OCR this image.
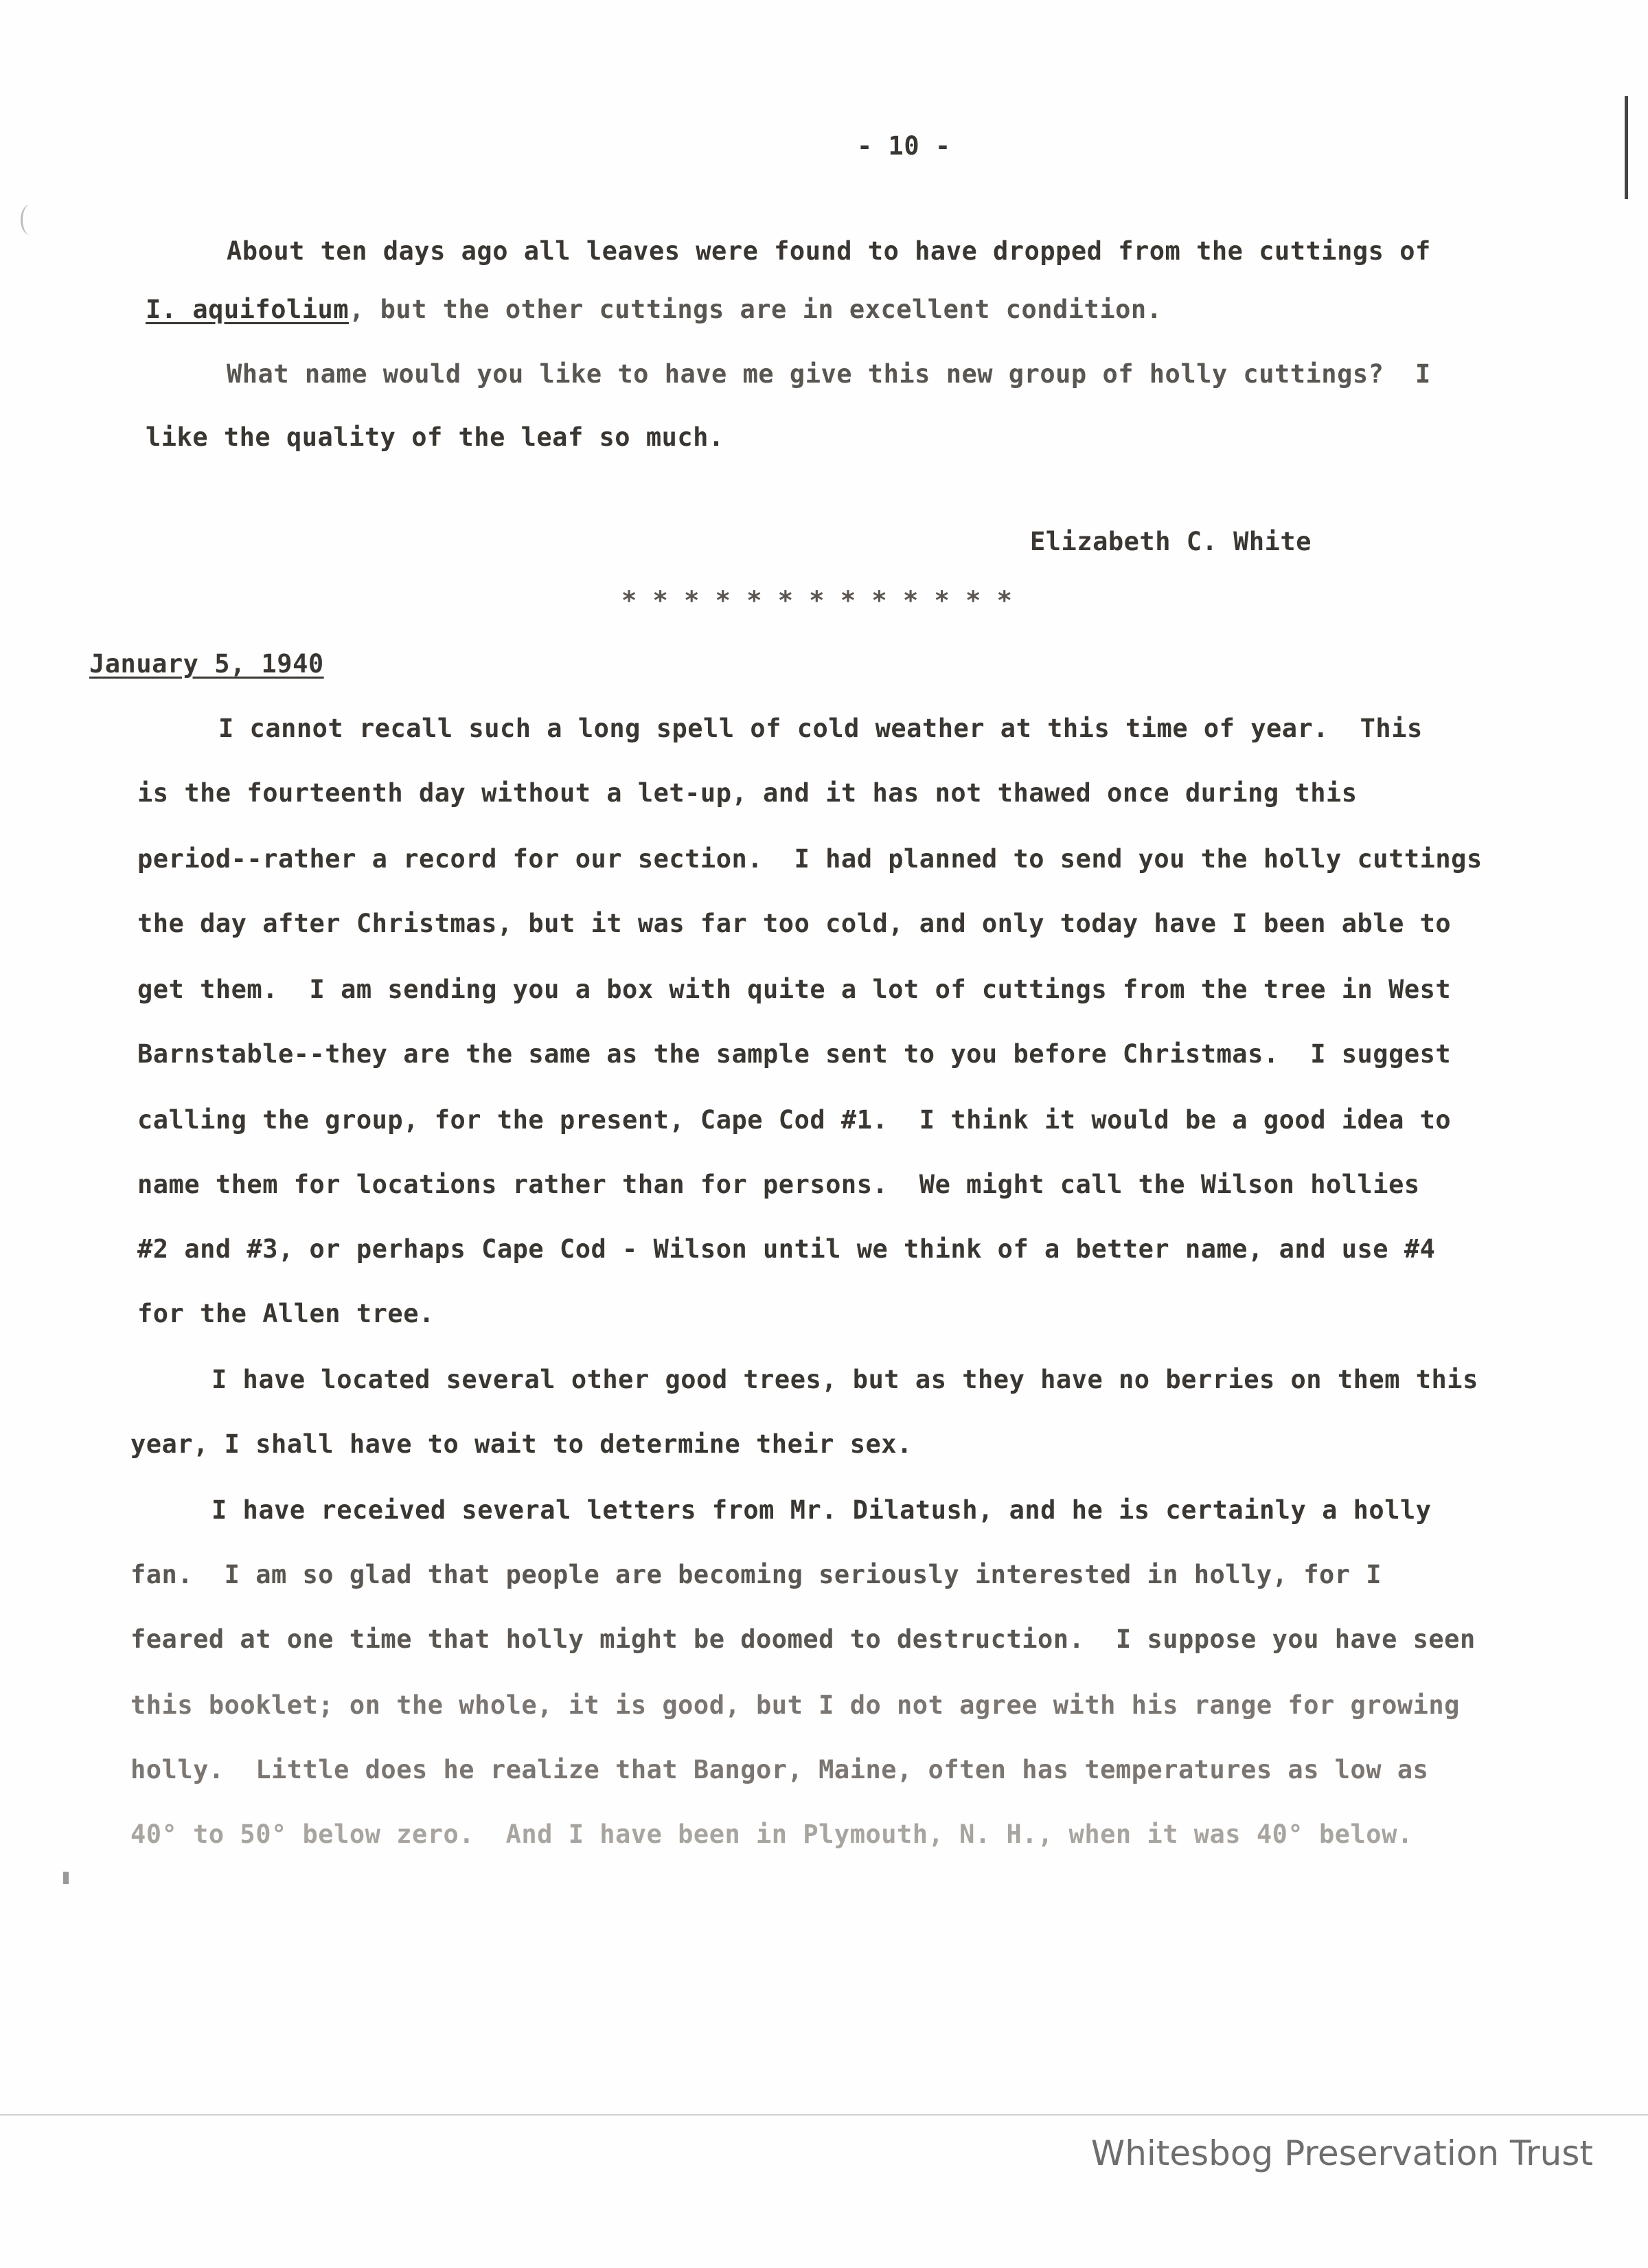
- 10 -
About ten days ago all leaves were found to have dropped from the cuttings of
I. aquifolium, but the other cuttings are in excellent condition.
What name would you like to have me give this new group of holly cuttings?  I
like the quality of the leaf so much.
Elizabeth C. White
* * * * * * * * * * * * *
January 5, 1940
I cannot recall such a long spell of cold weather at this time of year.  This
is the fourteenth day without a let-up, and it has not thawed once during this
period--rather a record for our section.  I had planned to send you the holly cuttings
the day after Christmas, but it was far too cold, and only today have I been able to
get them.  I am sending you a box with quite a lot of cuttings from the tree in West
Barnstable--they are the same as the sample sent to you before Christmas.  I suggest
calling the group, for the present, Cape Cod #1.  I think it would be a good idea to
name them for locations rather than for persons.  We might call the Wilson hollies
#2 and #3, or perhaps Cape Cod - Wilson until we think of a better name, and use #4
for the Allen tree.
I have located several other good trees, but as they have no berries on them this
year, I shall have to wait to determine their sex.
I have received several letters from Mr. Dilatush, and he is certainly a holly
fan.  I am so glad that people are becoming seriously interested in holly, for I
feared at one time that holly might be doomed to destruction.  I suppose you have seen
this booklet; on the whole, it is good, but I do not agree with his range for growing
holly.  Little does he realize that Bangor, Maine, often has temperatures as low as
40° to 50° below zero.  And I have been in Plymouth, N. H., when it was 40° below.
Whitesbog Preservation Trust
